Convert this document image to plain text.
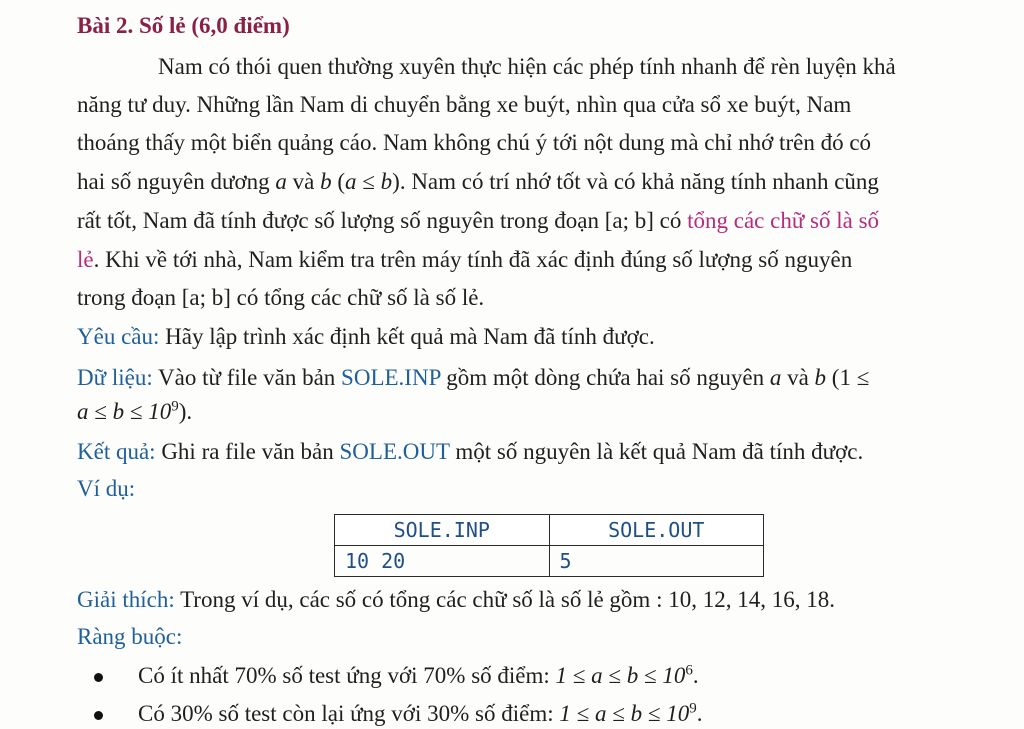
Bài 2. Số lẻ (6,0 điểm)
Nam có thói quen thường xuyên thực hiện các phép tính nhanh để rèn luyện khả
năng tư duy. Những lần Nam di chuyển bằng xe buýt, nhìn qua cửa sổ xe buýt, Nam
thoáng thấy một biển quảng cáo. Nam không chú ý tới nột dung mà chỉ nhớ trên đó có
hai số nguyên dương a và b (a ≤ b). Nam có trí nhớ tốt và có khả năng tính nhanh cũng
rất tốt, Nam đã tính được số lượng số nguyên trong đoạn [a; b] có tổng các chữ số là số
lẻ. Khi về tới nhà, Nam kiểm tra trên máy tính đã xác định đúng số lượng số nguyên
trong đoạn [a; b] có tổng các chữ số là số lẻ.
Yêu cầu: Hãy lập trình xác định kết quả mà Nam đã tính được.
Dữ liệu: Vào từ file văn bản SOLE.INP gồm một dòng chứa hai số nguyên a và b (1 ≤
$a \le b \le 10^9$).
Kết quả: Ghi ra file văn bản SOLE.OUT một số nguyên là kết quả Nam đã tính được.
Ví dụ:
SOLE.INP	SOLE.OUT
10 20	5
Giải thích: Trong ví dụ, các số có tổng các chữ số là số lẻ gồm : 10, 12, 14, 16, 18.
Ràng buộc:
Có ít nhất 70% số test ứng với 70% số điểm: $1 \le a \le b \le 10^6$.
Có 30% số test còn lại ứng với 30% số điểm: $1 \le a \le b \le 10^9$.
